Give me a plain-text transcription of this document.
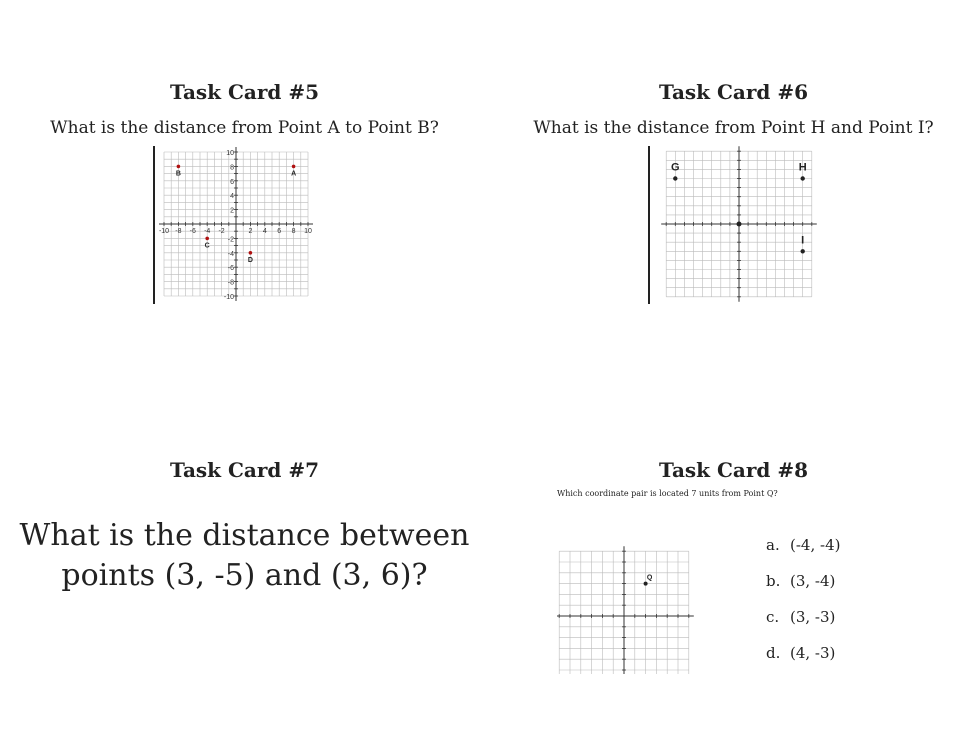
Task Card #5
What is the distance from Point A to Point B?
B	A
C
D
10
8
6
4
2
-2
-4
-6
-8
-10
-10 -8 -6 -4 -2	2 4 6 8 10
Task Card #6
What is the distance from Point H and Point I?
G	H
I
Task Card #7
What is the distance between
points (3, -5) and (3, 6)?
Task Card #8
Which coordinate pair is located 7 units from Point Q?
Q
a. (-4, -4)
b. (3, -4)
c. (3, -3)
d. (4, -3)
